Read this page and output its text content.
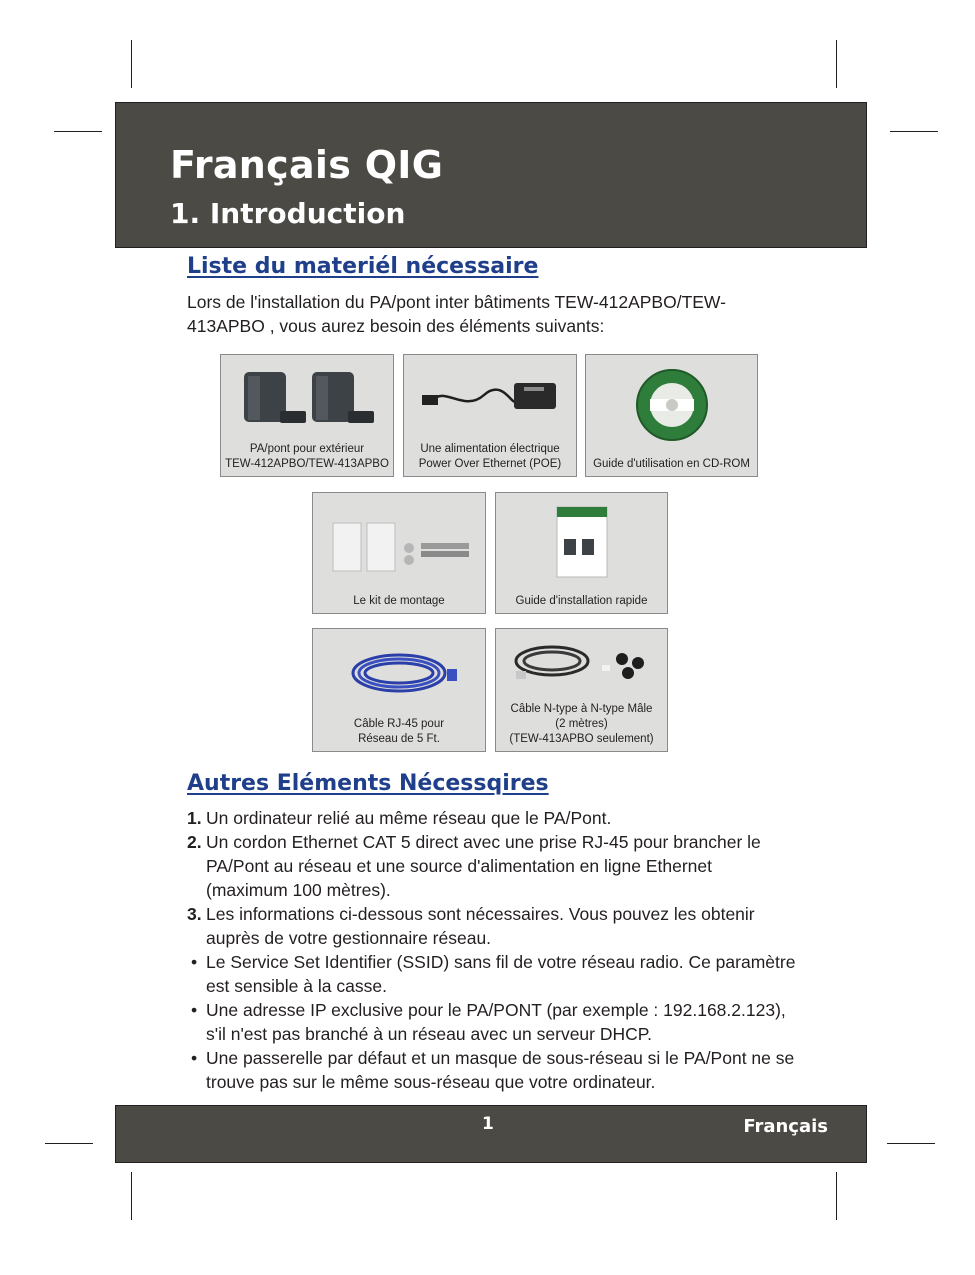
Français QIG
1. Introduction
Liste du materiél nécessaire
Lors de l'installation du PA/pont inter bâtiments TEW-412APBO/TEW-413APBO , vous aurez besoin des éléments suivants:
PA/pont pour extérieur
TEW-412APBO/TEW-413APBO
Une alimentation électrique
Power Over Ethernet (POE)	Guide d'utilisation en CD-ROM
Le kit de montage	Guide d'installation rapide
Câble RJ-45 pour
Réseau de 5 Ft.
Câble N-type à N-type Mâle
(2 mètres)
(TEW-413APBO seulement)
Autres Eléments Nécessqires
1. Un ordinateur relié au même réseau que le PA/Pont.
2. Un cordon Ethernet CAT 5 direct avec une prise RJ-45 pour brancher le PA/Pont au réseau et une source d'alimentation en ligne Ethernet (maximum 100 mètres).
3. Les informations ci-dessous sont nécessaires. Vous pouvez les obtenir auprès de votre gestionnaire réseau.
• Le Service Set Identifier (SSID) sans fil de votre réseau radio. Ce paramètre est sensible à la casse.
• Une adresse IP exclusive pour le PA/PONT (par exemple : 192.168.2.123), s'il n'est pas branché à un réseau avec un serveur DHCP.
• Une passerelle par défaut et un masque de sous-réseau si le PA/Pont ne se trouve pas sur le même sous-réseau que votre ordinateur.
1	Français
